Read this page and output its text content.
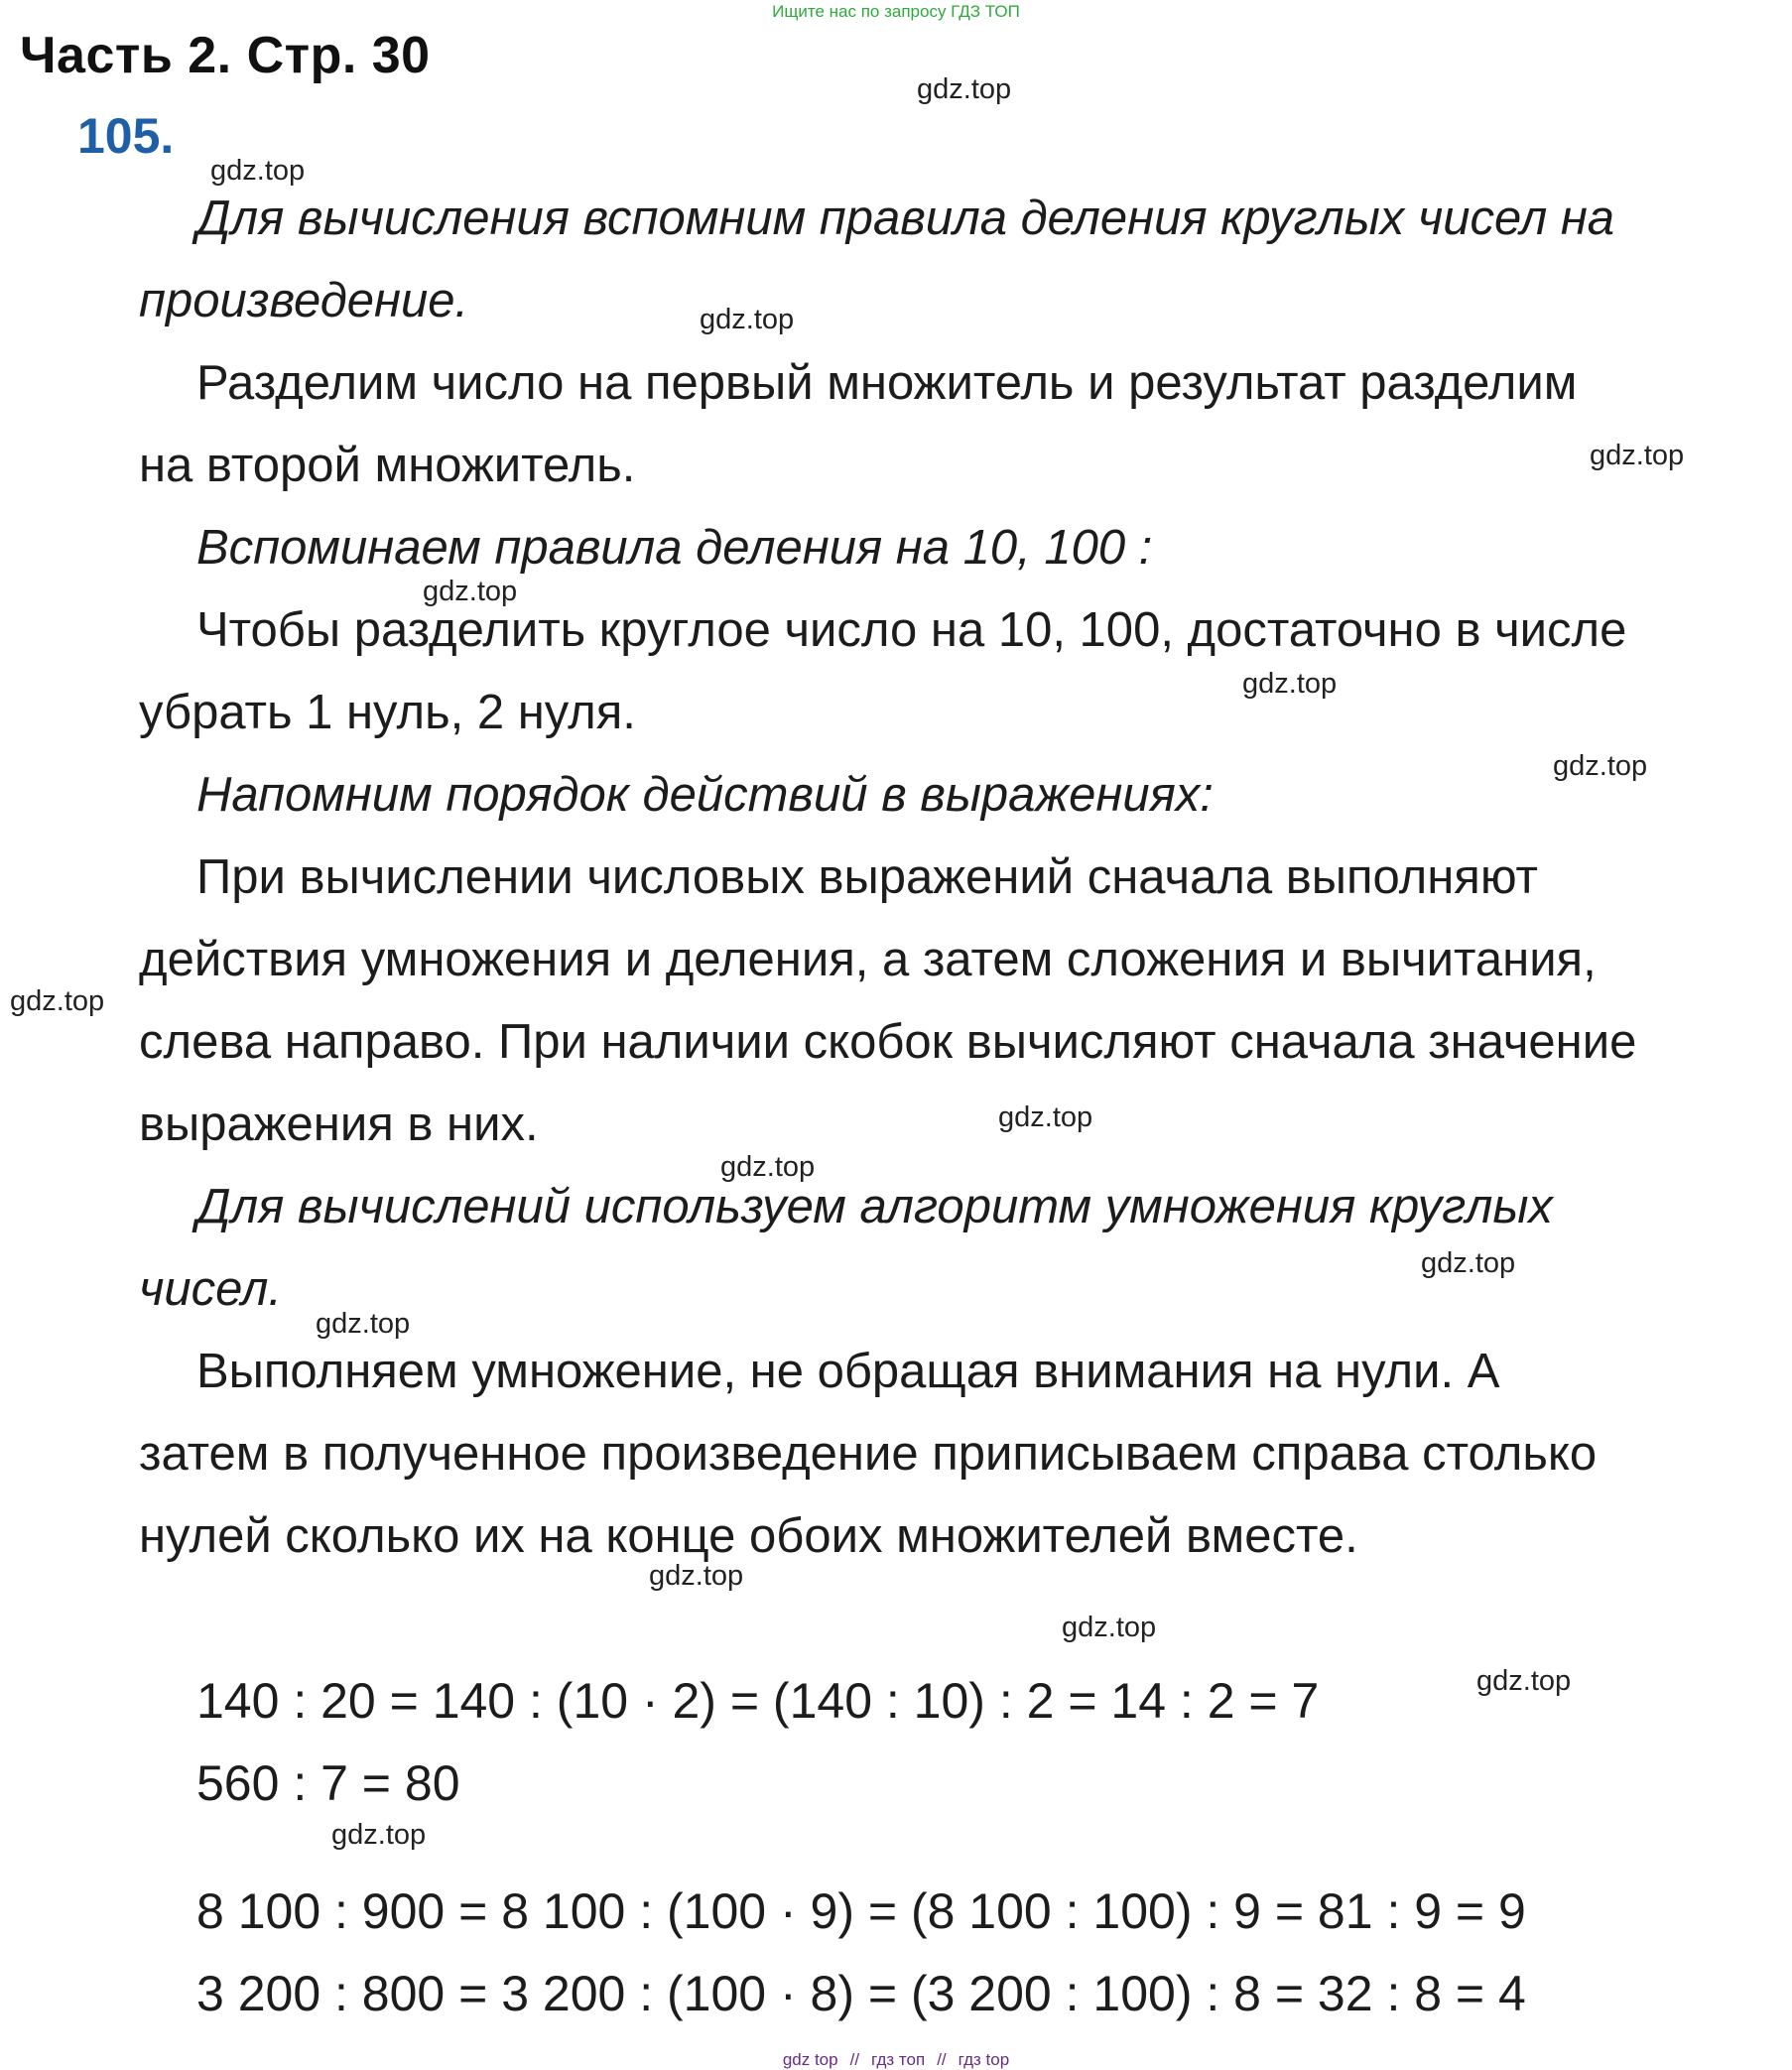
Ищите нас по запросу ГДЗ ТОП
Часть 2. Стр. 30
105.
Для вычисления вспомним правила деления круглых чисел на
произведение.
Разделим число на первый множитель и результат разделим
на второй множитель.
Вспоминаем правила деления на 10, 100 :
Чтобы разделить круглое число на 10, 100, достаточно в числе
убрать 1 нуль, 2 нуля.
Напомним порядок действий в выражениях:
При вычислении числовых выражений сначала выполняют
действия умножения и деления, а затем сложения и вычитания,
слева направо. При наличии скобок вычисляют сначала значение
выражения в них.
Для вычислений используем алгоритм умножения круглых
чисел.
Выполняем умножение, не обращая внимания на нули. А
затем в полученное произведение приписываем справа столько
нулей сколько их на конце обоих множителей вместе.
140 : 20 = 140 : (10 · 2) = (140 : 10) : 2 = 14 : 2 = 7
560 : 7 = 80
8 100 : 900 = 8 100 : (100 · 9) = (8 100 : 100) : 9 = 81 : 9 = 9
3 200 : 800 = 3 200 : (100 · 8) = (3 200 : 100) : 8 = 32 : 8 = 4
gdz.top
gdz.top
gdz.top
gdz.top
gdz.top
gdz.top
gdz.top
gdz.top
gdz.top
gdz.top
gdz.top
gdz.top
gdz.top
gdz.top
gdz.top
gdz.top
gdz top // гдз топ // гдз top
